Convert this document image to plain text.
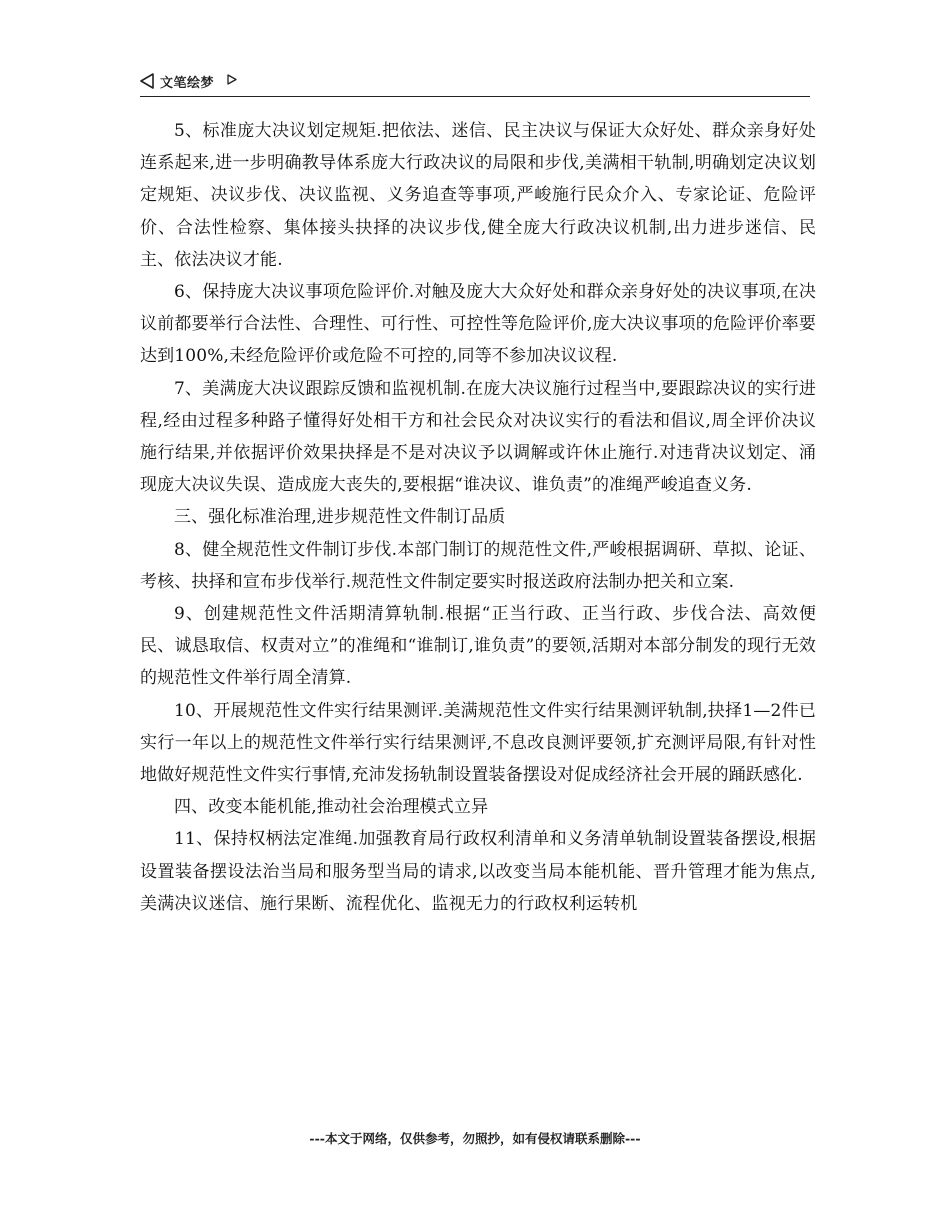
文笔绘梦

5、标准庞大决议划定规矩.把依法、迷信、民主决议与保证大众好处、群众亲身好处连系起来,进一步明确教导体系庞大行政决议的局限和步伐,美满相干轨制,明确划定决议划定规矩、决议步伐、决议监视、义务追查等事项,严峻施行民众介入、专家论证、危险评价、合法性检察、集体接头抉择的决议步伐,健全庞大行政决议机制,出力进步迷信、民主、依法决议才能.

6、保持庞大决议事项危险评价.对触及庞大大众好处和群众亲身好处的决议事项,在决议前都要举行合法性、合理性、可行性、可控性等危险评价,庞大决议事项的危险评价率要达到100%,未经危险评价或危险不可控的,同等不参加决议议程.

7、美满庞大决议跟踪反馈和监视机制.在庞大决议施行过程当中,要跟踪决议的实行进程,经由过程多种路子懂得好处相干方和社会民众对决议实行的看法和倡议,周全评价决议施行结果,并依据评价效果抉择是不是对决议予以调解或许休止施行.对违背决议划定、涌现庞大决议失误、造成庞大丧失的,要根据“谁决议、谁负责”的准绳严峻追查义务.

三、强化标准治理,进步规范性文件制订品质

8、健全规范性文件制订步伐.本部门制订的规范性文件,严峻根据调研、草拟、论证、考核、抉择和宣布步伐举行.规范性文件制定要实时报送政府法制办把关和立案.

9、创建规范性文件活期清算轨制.根据“正当行政、正当行政、步伐合法、高效便民、诚恳取信、权责对立”的准绳和“谁制订,谁负责”的要领,活期对本部分制发的现行无效的规范性文件举行周全清算.

10、开展规范性文件实行结果测评.美满规范性文件实行结果测评轨制,抉择1—2件已实行一年以上的规范性文件举行实行结果测评,不息改良测评要领,扩充测评局限,有针对性地做好规范性文件实行事情,充沛发扬轨制设置装备摆设对促成经济社会开展的踊跃感化.

四、改变本能机能,推动社会治理模式立异

11、保持权柄法定准绳.加强教育局行政权利清单和义务清单轨制设置装备摆设,根据设置装备摆设法治当局和服务型当局的请求,以改变当局本能机能、晋升管理才能为焦点,美满决议迷信、施行果断、流程优化、监视无力的行政权利运转机

---本文于网络，仅供参考，勿照抄，如有侵权请联系删除---
